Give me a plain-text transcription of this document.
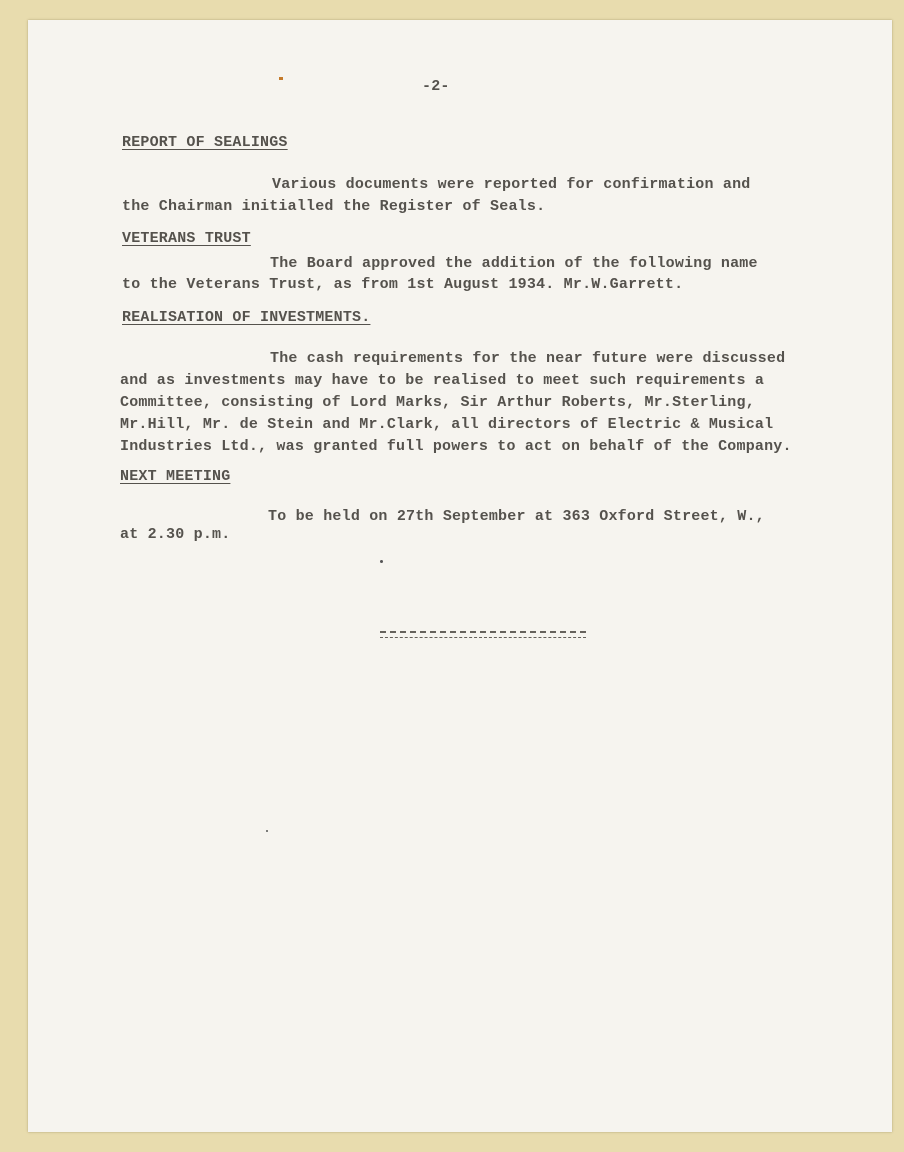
-2-
REPORT OF SEALINGS
Various documents were reported for confirmation and
the Chairman initialled the Register of Seals.
VETERANS TRUST
The Board approved the addition of the following name
to the Veterans Trust, as from 1st August 1934. Mr.W.Garrett.
REALISATION OF INVESTMENTS.
The cash requirements for the near future were discussed
and as investments may have to be realised to meet such requirements a
Committee, consisting of Lord Marks, Sir Arthur Roberts, Mr.Sterling,
Mr.Hill, Mr. de Stein and Mr.Clark, all directors of Electric & Musical
Industries Ltd., was granted full powers to act on behalf of the Company.
NEXT MEETING
To be held on 27th September at 363 Oxford Street, W.,
at 2.30 p.m.
